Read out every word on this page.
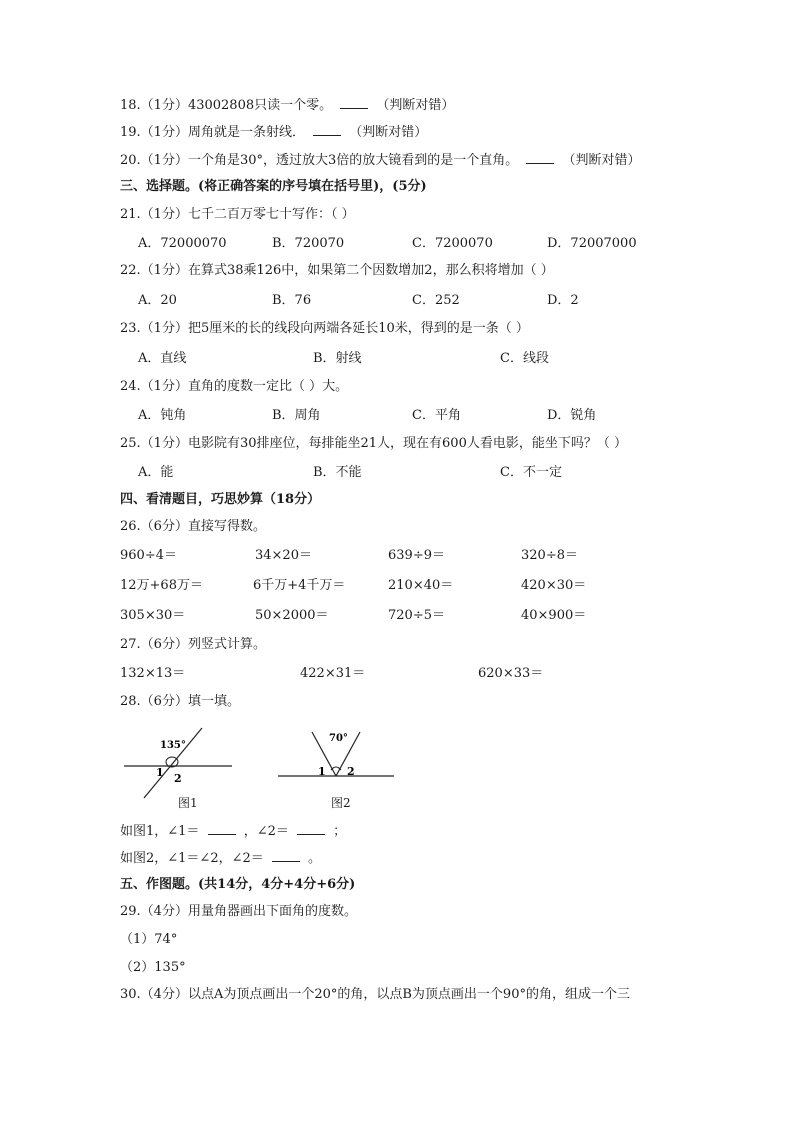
18.（1分）43002808只读一个零。	（判断对错）
19.（1分）周角就是一条射线．	（判断对错）
20.（1分）一个角是30°，透过放大3倍的放大镜看到的是一个直角。	（判断对错）
三、选择题。(将正确答案的序号填在括号里)，(5分)
21.（1分）七千二百万零七十写作：（ ）
A．72000070	B．720070	C．7200070	D．72007000
22.（1分）在算式38乘126中，如果第二个因数增加2，那么积将增加（ ）
A．20	B．76	C．252	D．2
23.（1分）把5厘米的长的线段向两端各延长10米，得到的是一条（ ）
A．直线	B．射线	C．线段
24.（1分）直角的度数一定比（ ）大。
A．钝角	B．周角	C．平角	D．锐角
25.（1分）电影院有30排座位，每排能坐21人，现在有600人看电影，能坐下吗？（ ）
A．能	B．不能	C．不一定
四、看清题目，巧思妙算（18分）
26.（6分）直接写得数。
960÷4＝	34×20＝	639÷9＝	320÷8＝
12万+68万＝	6千万+4千万＝	210×40＝	420×30＝
305×30＝	50×2000＝	720÷5＝	40×900＝
27.（6分）列竖式计算。
132×13＝	422×31＝	620×33＝
28.（6分）填一填。
135°
1 2
图1
70°
1 2
图2
如图1，∠1＝	，∠2＝	；
如图2，∠1＝∠2，∠2＝	。
五、作图题。(共14分，4分+4分+6分)
29.（4分）用量角器画出下面角的度数。
（1）74°
（2）135°
30.（4分）以点A为顶点画出一个20°的角，以点B为顶点画出一个90°的角，组成一个三
